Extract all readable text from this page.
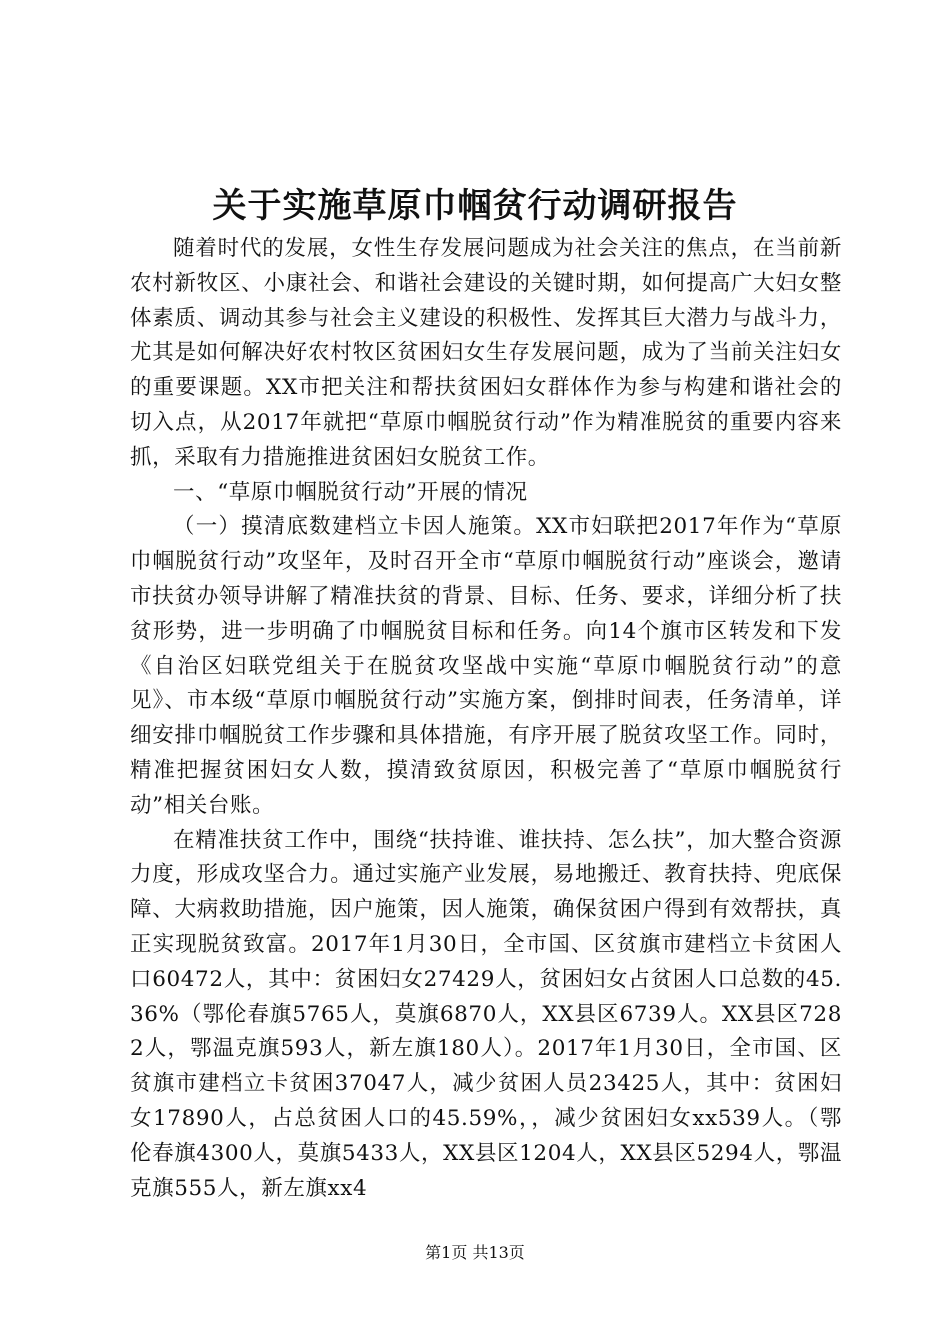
关于实施草原巾帼贫行动调研报告

随着时代的发展，女性生存发展问题成为社会关注的焦点，在当前新农村新牧区、小康社会、和谐社会建设的关键时期，如何提高广大妇女整体素质、调动其参与社会主义建设的积极性、发挥其巨大潜力与战斗力，尤其是如何解决好农村牧区贫困妇女生存发展问题，成为了当前关注妇女的重要课题。XX市把关注和帮扶贫困妇女群体作为参与构建和谐社会的切入点，从2017年就把“草原巾帼脱贫行动”作为精准脱贫的重要内容来抓，采取有力措施推进贫困妇女脱贫工作。

一、“草原巾帼脱贫行动”开展的情况

（一）摸清底数建档立卡因人施策。XX市妇联把2017年作为“草原巾帼脱贫行动”攻坚年，及时召开全市“草原巾帼脱贫行动”座谈会，邀请市扶贫办领导讲解了精准扶贫的背景、目标、任务、要求，详细分析了扶贫形势，进一步明确了巾帼脱贫目标和任务。向14个旗市区转发和下发《自治区妇联党组关于在脱贫攻坚战中实施“草原巾帼脱贫行动”的意见》、市本级“草原巾帼脱贫行动”实施方案，倒排时间表，任务清单，详细安排巾帼脱贫工作步骤和具体措施，有序开展了脱贫攻坚工作。同时，精准把握贫困妇女人数，摸清致贫原因，积极完善了“草原巾帼脱贫行动”相关台账。

在精准扶贫工作中，围绕“扶持谁、谁扶持、怎么扶”，加大整合资源力度，形成攻坚合力。通过实施产业发展，易地搬迁、教育扶持、兜底保障、大病救助措施，因户施策，因人施策，确保贫困户得到有效帮扶，真正实现脱贫致富。2017年1月30日，全市国、区贫旗市建档立卡贫困人口60472人，其中：贫困妇女27429人，贫困妇女占贫困人口总数的45.36%（鄂伦春旗5765人，莫旗6870人，XX县区6739人。XX县区7282人，鄂温克旗593人，新左旗180人）。2017年1月30日，全市国、区贫旗市建档立卡贫困37047人，减少贫困人员23425人，其中：贫困妇女17890人，占总贫困人口的45.59%，，减少贫困妇女xx539人。（鄂伦春旗4300人，莫旗5433人，XX县区1204人，XX县区5294人，鄂温克旗555人，新左旗xx4

第1页 共13页
